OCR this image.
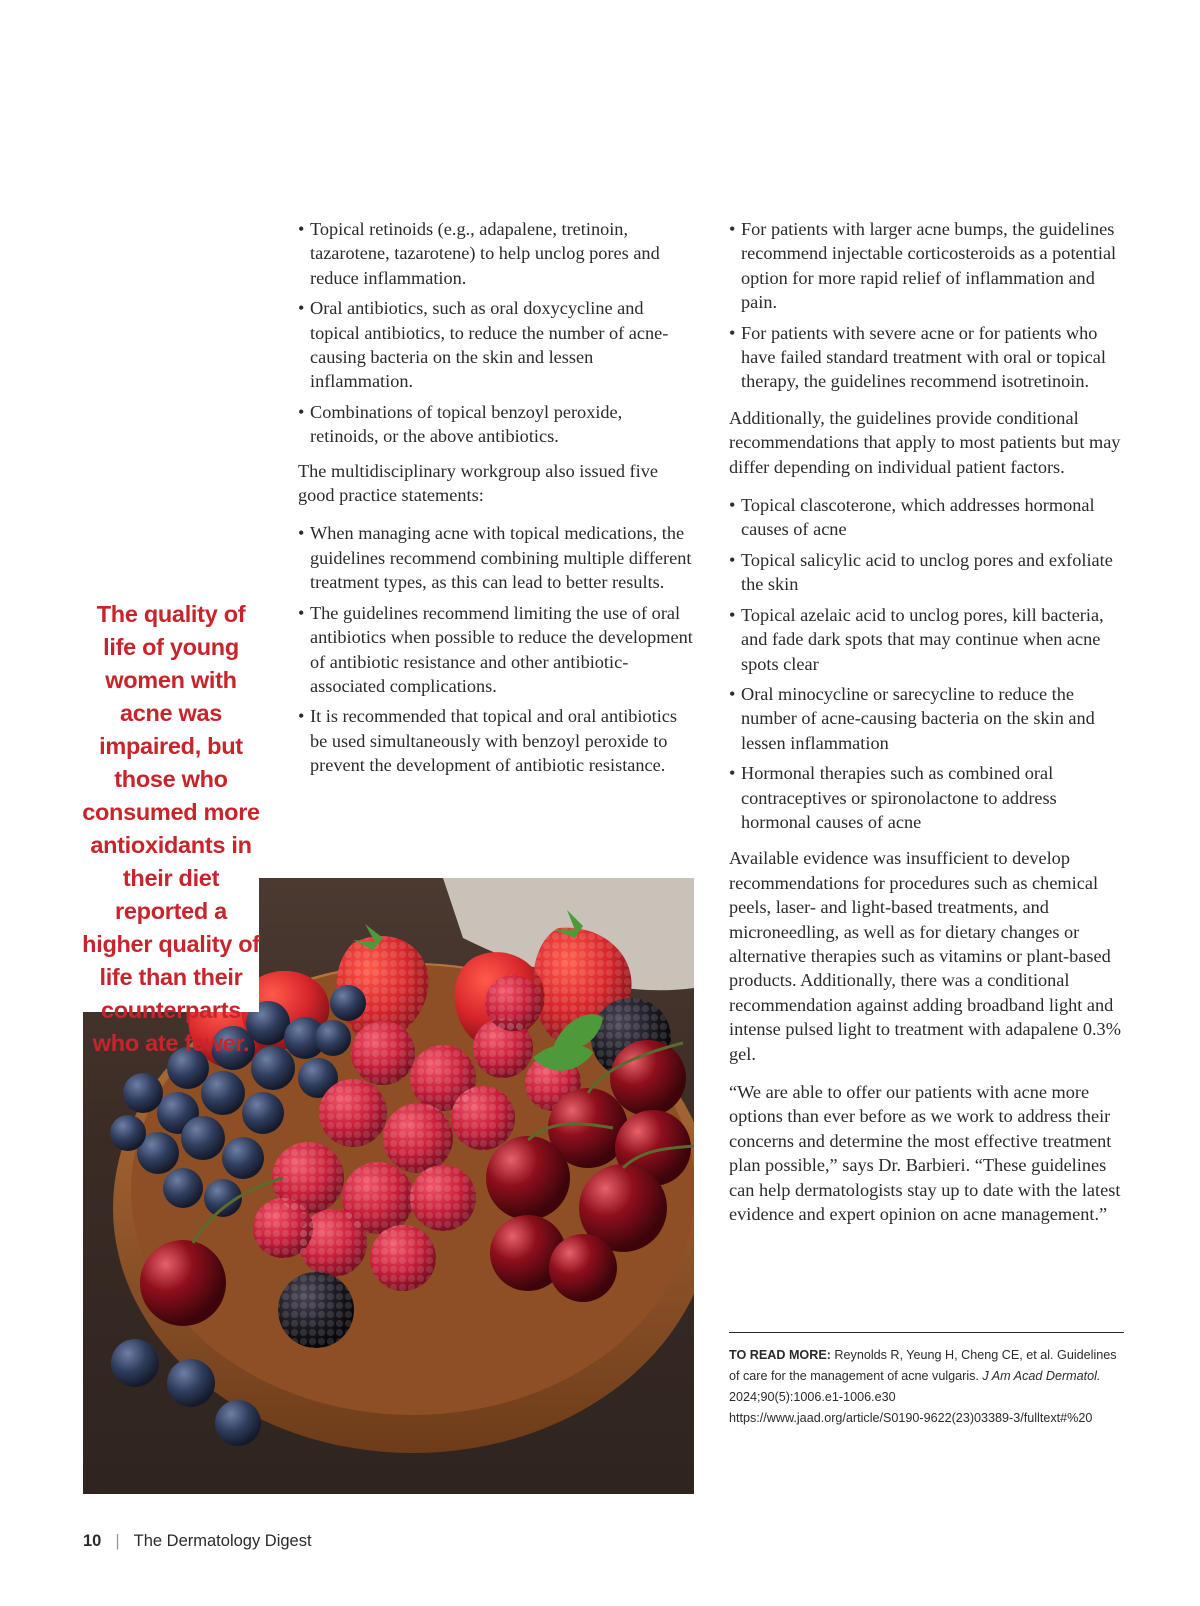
• Topical retinoids (e.g., adapalene, tretinoin, tazarotene, tazarotene) to help unclog pores and reduce inflammation.
• Oral antibiotics, such as oral doxycycline and topical antibiotics, to reduce the number of acne-causing bacteria on the skin and lessen inflammation.
• Combinations of topical benzoyl peroxide, retinoids, or the above antibiotics.

The multidisciplinary workgroup also issued five good practice statements:

• When managing acne with topical medications, the guidelines recommend combining multiple different treatment types, as this can lead to better results.
• The guidelines recommend limiting the use of oral antibiotics when possible to reduce the development of antibiotic resistance and other antibiotic-associated complications.
• It is recommended that topical and oral antibiotics be used simultaneously with benzoyl peroxide to prevent the development of antibiotic resistance.
• For patients with larger acne bumps, the guidelines recommend injectable corticosteroids as a potential option for more rapid relief of inflammation and pain.
• For patients with severe acne or for patients who have failed standard treatment with oral or topical therapy, the guidelines recommend isotretinoin.

Additionally, the guidelines provide conditional recommendations that apply to most patients but may differ depending on individual patient factors.

• Topical clascoterone, which addresses hormonal causes of acne
• Topical salicylic acid to unclog pores and exfoliate the skin
• Topical azelaic acid to unclog pores, kill bacteria, and fade dark spots that may continue when acne spots clear
• Oral minocycline or sarecycline to reduce the number of acne-causing bacteria on the skin and lessen inflammation
• Hormonal therapies such as combined oral contraceptives or spironolactone to address hormonal causes of acne

Available evidence was insufficient to develop recommendations for procedures such as chemical peels, laser- and light-based treatments, and microneedling, as well as for dietary changes or alternative therapies such as vitamins or plant-based products. Additionally, there was a conditional recommendation against adding broadband light and intense pulsed light to treatment with adapalene 0.3% gel.

“We are able to offer our patients with acne more options than ever before as we work to address their concerns and determine the most effective treatment plan possible,” says Dr. Barbieri. “These guidelines can help dermatologists stay up to date with the latest evidence and expert opinion on acne management.”

The quality of life of young women with acne was impaired, but those who consumed more antioxidants in their diet reported a higher quality of life than their counterparts who ate fewer.
TO READ MORE: Reynolds R, Yeung H, Cheng CE, et al. Guidelines of care for the management of acne vulgaris. J Am Acad Dermatol. 2024;90(5):1006.e1-1006.e30
https://www.jaad.org/article/S0190-9622(23)03389-3/fulltext#%20
10 | The Dermatology Digest
